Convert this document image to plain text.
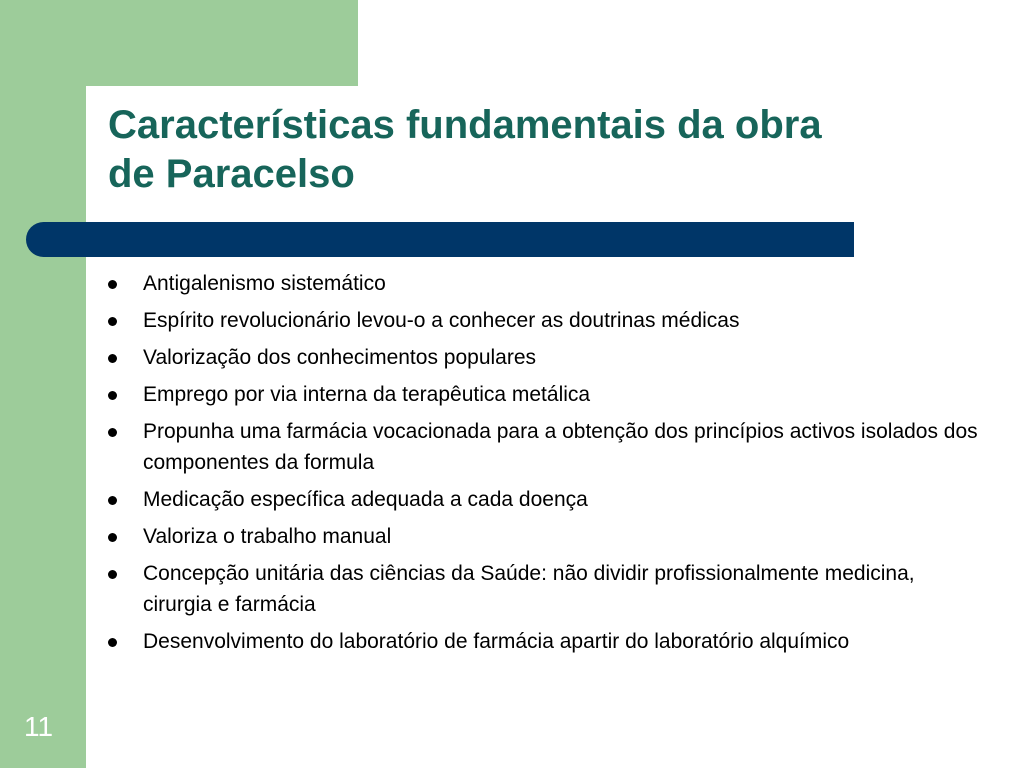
Características fundamentais da obra
de Paracelso
Antigalenismo sistemático
Espírito revolucionário levou-o a conhecer as doutrinas médicas
Valorização dos conhecimentos populares
Emprego por via interna da terapêutica metálica
Propunha uma farmácia vocacionada para a obtenção dos princípios activos isolados dos componentes da formula
Medicação específica adequada a cada doença
Valoriza o trabalho manual
Concepção unitária das ciências da Saúde: não dividir profissionalmente medicina, cirurgia e farmácia
Desenvolvimento do laboratório de farmácia apartir do laboratório alquímico
11
